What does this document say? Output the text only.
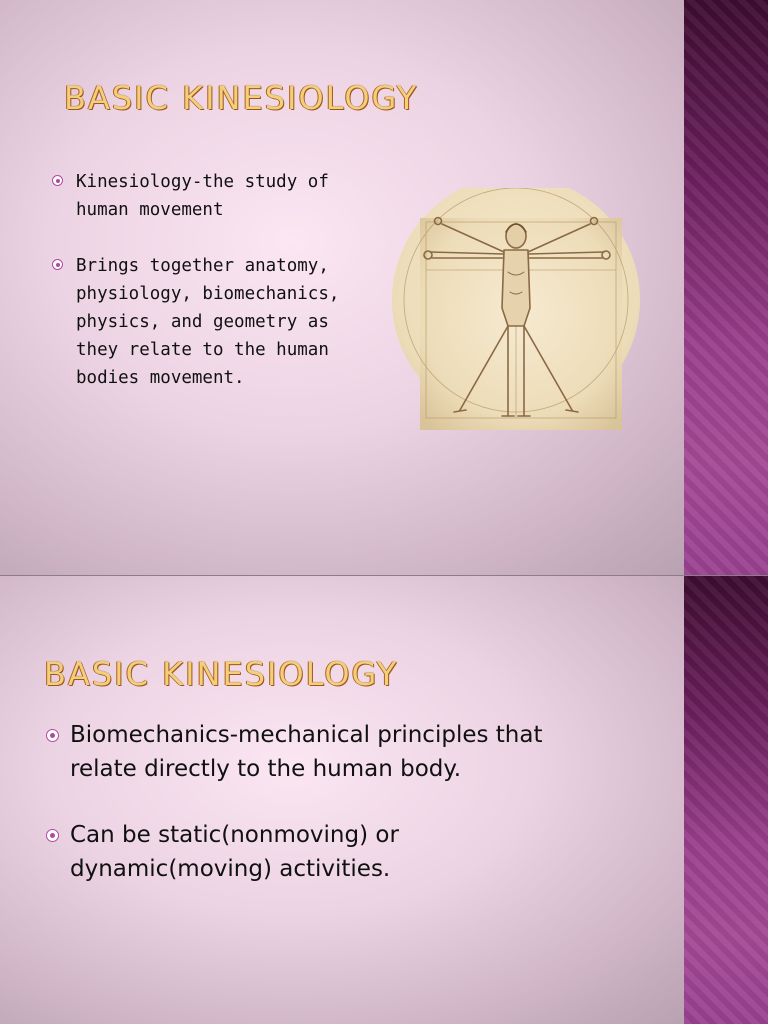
BASIC KINESIOLOGY
Kinesiology-the study of human movement
Brings together anatomy, physiology, biomechanics, physics, and geometry as they relate to the human bodies movement.
BASIC KINESIOLOGY
Biomechanics-mechanical principles that relate directly to the human body.
Can be static(nonmoving) or dynamic(moving) activities.
